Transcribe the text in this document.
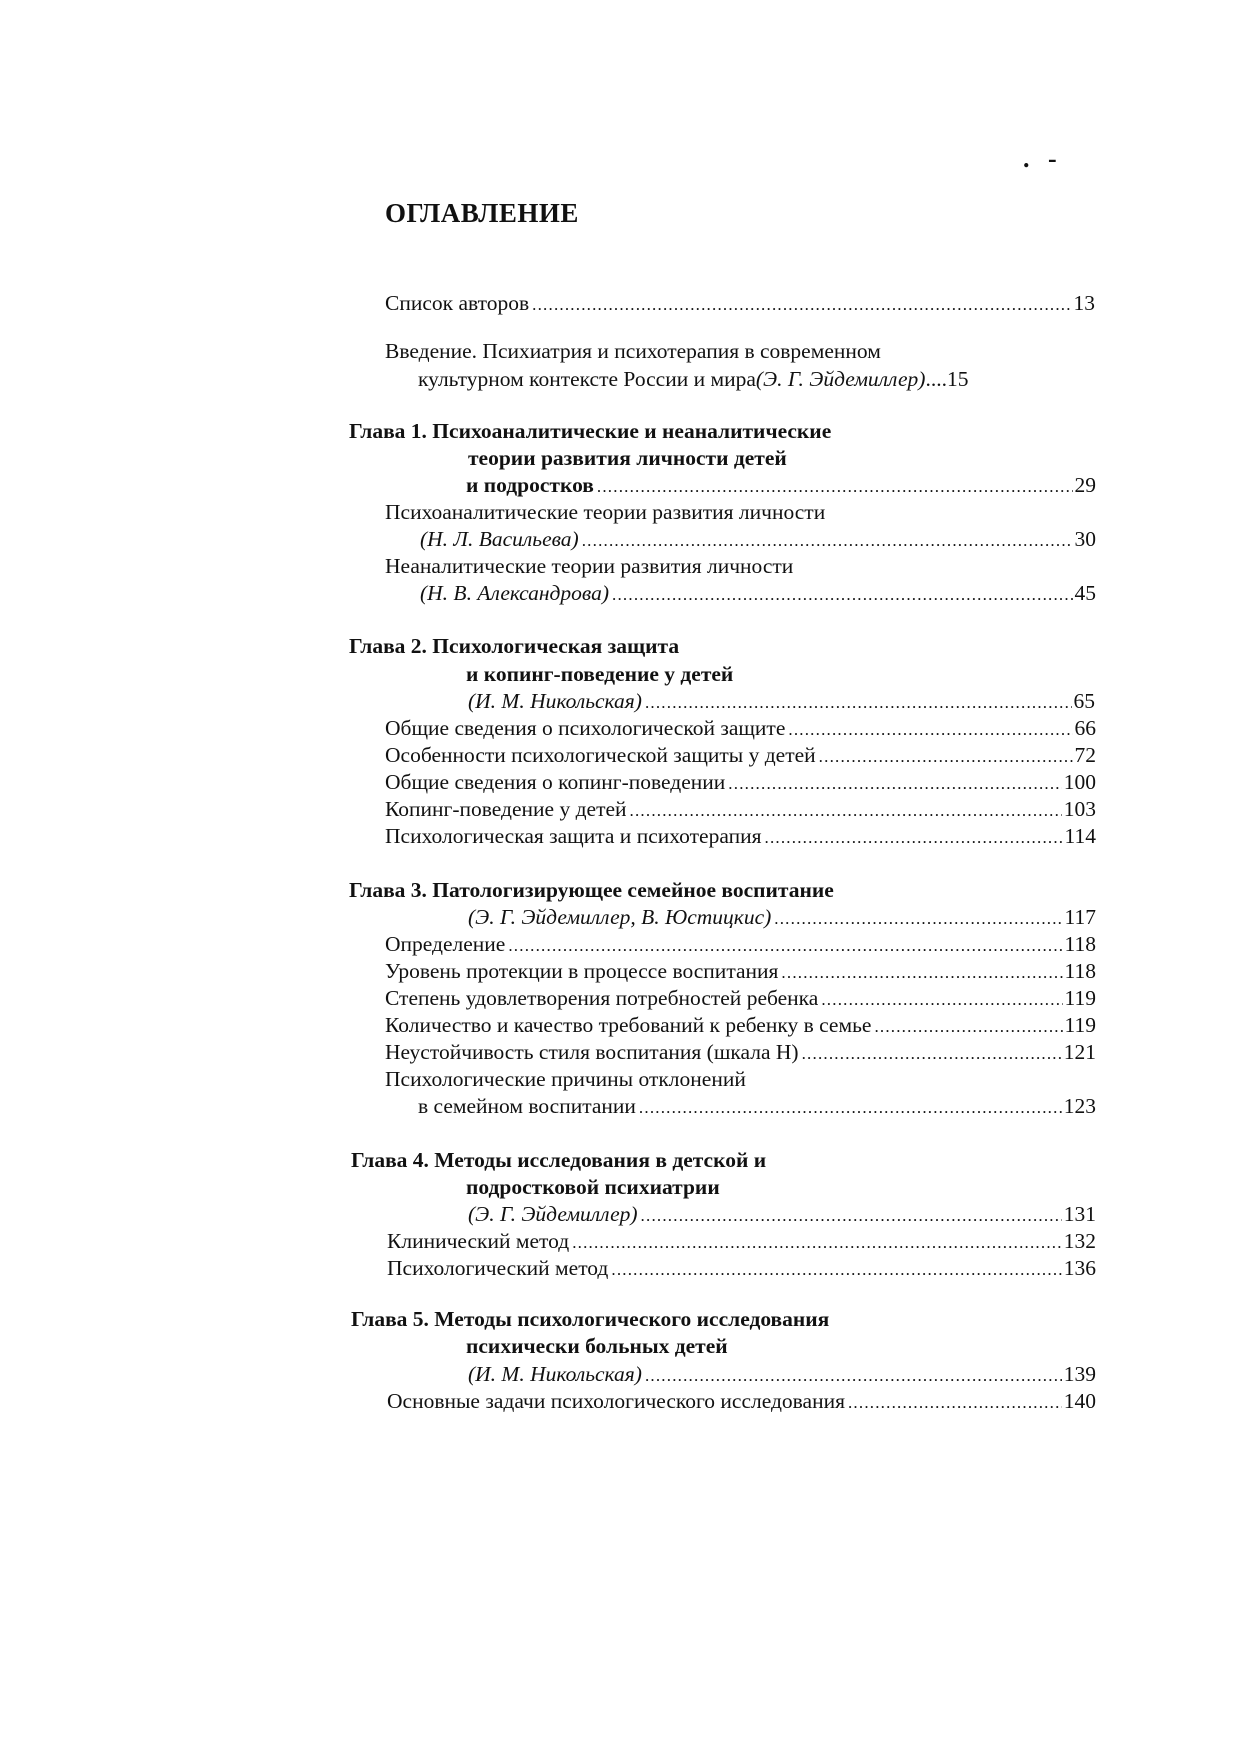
. -
ОГЛАВЛЕНИЕ
Список авторов .....	13
Введение. Психиатрия и психотерапия в современном
культурном контексте России и мира (Э. Г. Эйдемиллер) .... 15
Глава 1. Психоаналитические и неаналитические
теории развития личности детей
и подростков .....	29
Психоаналитические теории развития личности
(Н. Л. Васильева) .....	30
Неаналитические теории развития личности
(Н. В. Александрова) .....	45
Глава 2. Психологическая защита
и копинг-поведение у детей
(И. М. Никольская) .....	65
Общие сведения о психологической защите .....	66
Особенности психологической защиты у детей .....	72
Общие сведения о копинг-поведении .....	100
Копинг-поведение у детей .....	103
Психологическая защита и психотерапия .....	114
Глава 3. Патологизирующее семейное воспитание
(Э. Г. Эйдемиллер, В. Юстицкис) .....	117
Определение .....	118
Уровень протекции в процессе воспитания .....	118
Степень удовлетворения потребностей ребенка .....	119
Количество и качество требований к ребенку в семье .....	119
Неустойчивость стиля воспитания (шкала Н) .....	121
Психологические причины отклонений
в семейном воспитании .....	123
Глава 4. Методы исследования в детской и
подростковой психиатрии
(Э. Г. Эйдемиллер) .....	131
Клинический метод .....	132
Психологический метод .....	136
Глава 5. Методы психологического исследования
психически больных детей
(И. М. Никольская) .....	139
Основные задачи психологического исследования .....	140
